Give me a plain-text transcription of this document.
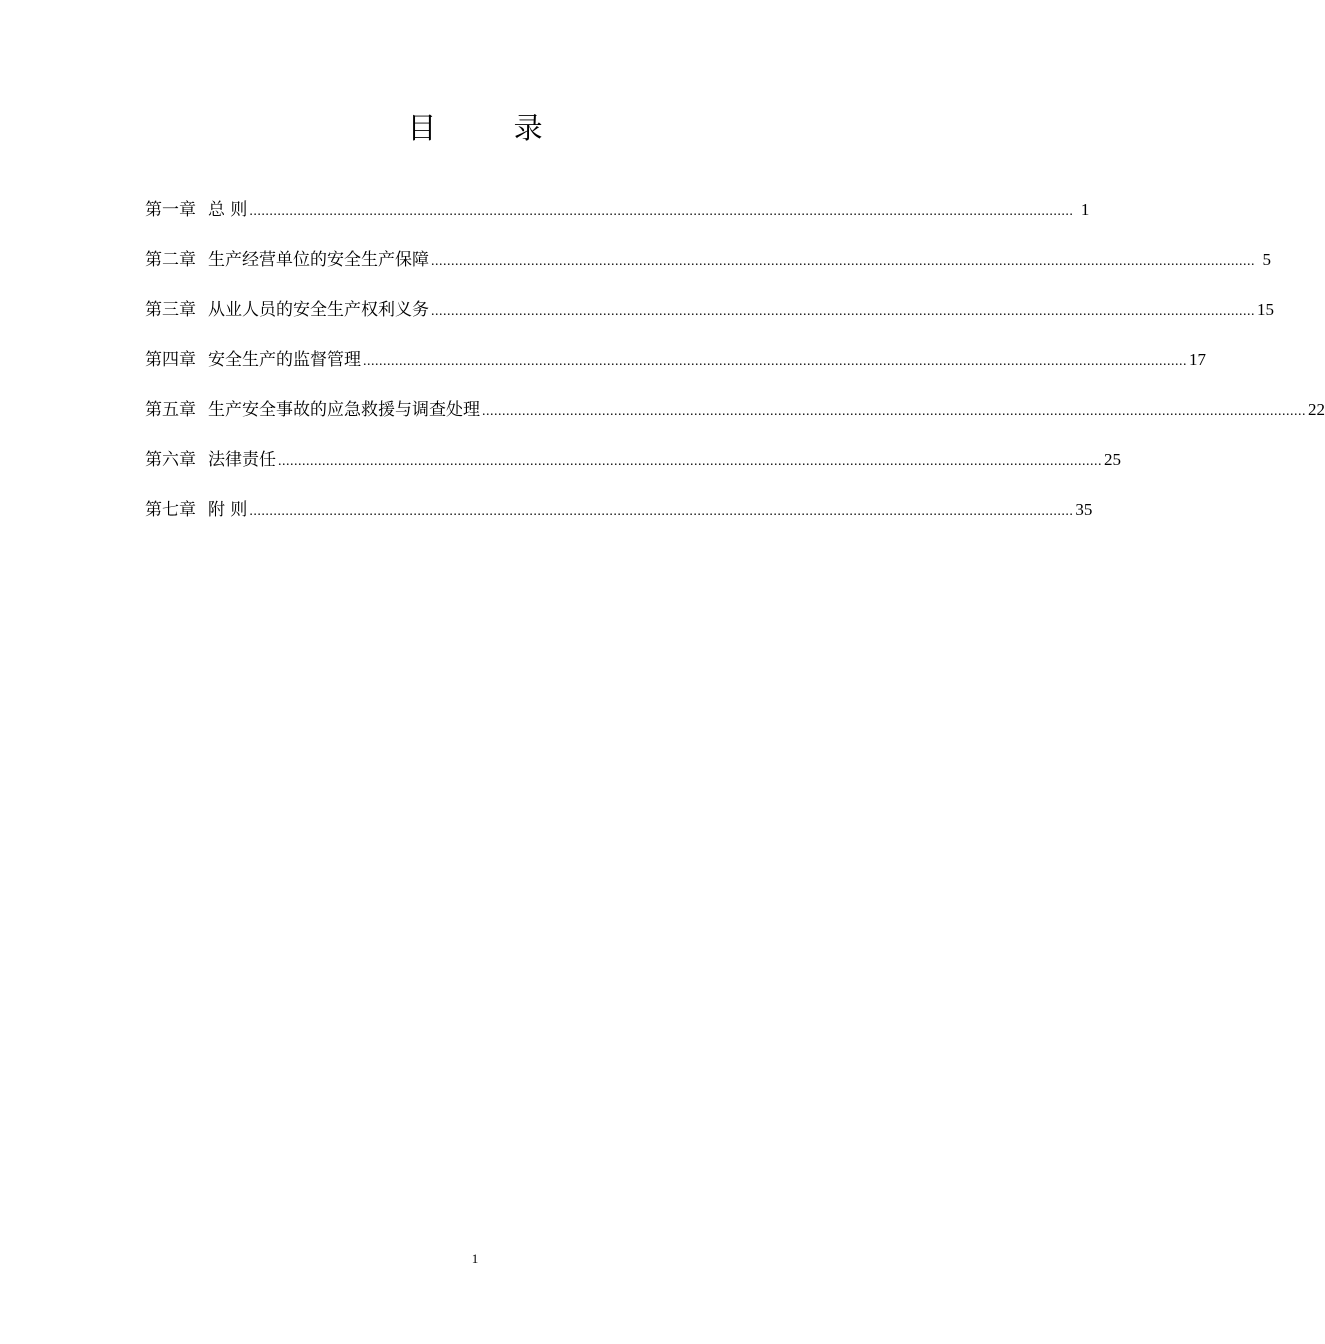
目 录
第一章 总 则 .............................................................................................................................................................................................................. 1
第二章 生产经营单位的安全生产保障 .............................................................................................................................................................................................................. 5
第三章 从业人员的安全生产权利义务 .............................................................................................................................................................................................................. 15
第四章 安全生产的监督管理 .............................................................................................................................................................................................................. 17
第五章 生产安全事故的应急救援与调查处理 .............................................................................................................................................................................................................. 22
第六章 法律责任 .............................................................................................................................................................................................................. 25
第七章 附 则 .............................................................................................................................................................................................................. 35
1
